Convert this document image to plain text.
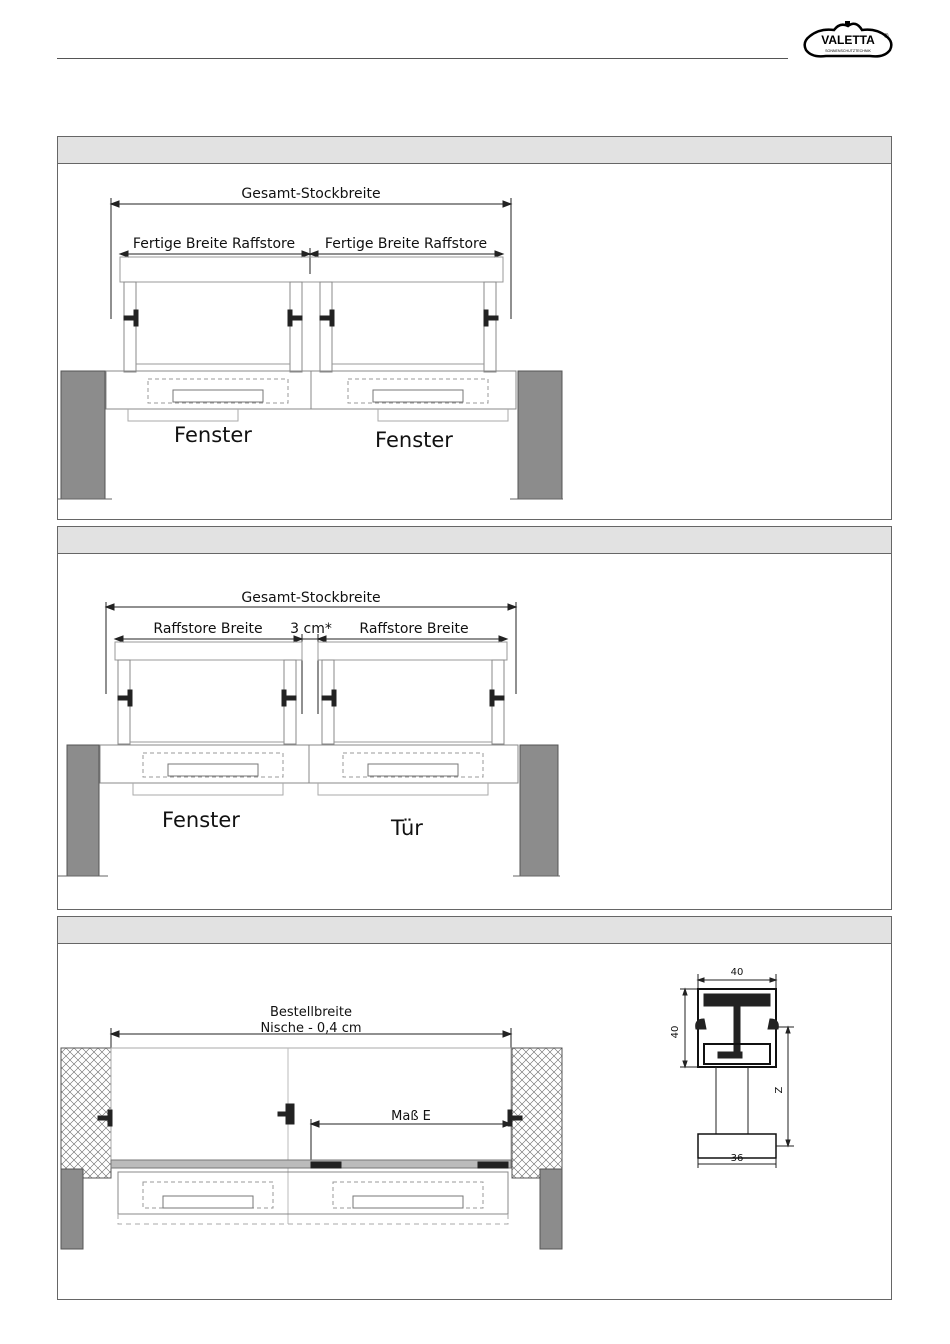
VALETTA ®
SONNENSCHUTZTECHNIK
Gesamt-Stockbreite
Fertige Breite Raffstore Fertige Breite Raffstore
Fenster	Fenster
Gesamt-Stockbreite
Raffstore Breite 3 cm* Raffstore Breite
Fenster	Tür
Bestellbreite
Nische - 0,4 cm
Maß E
40
40
Z
36
